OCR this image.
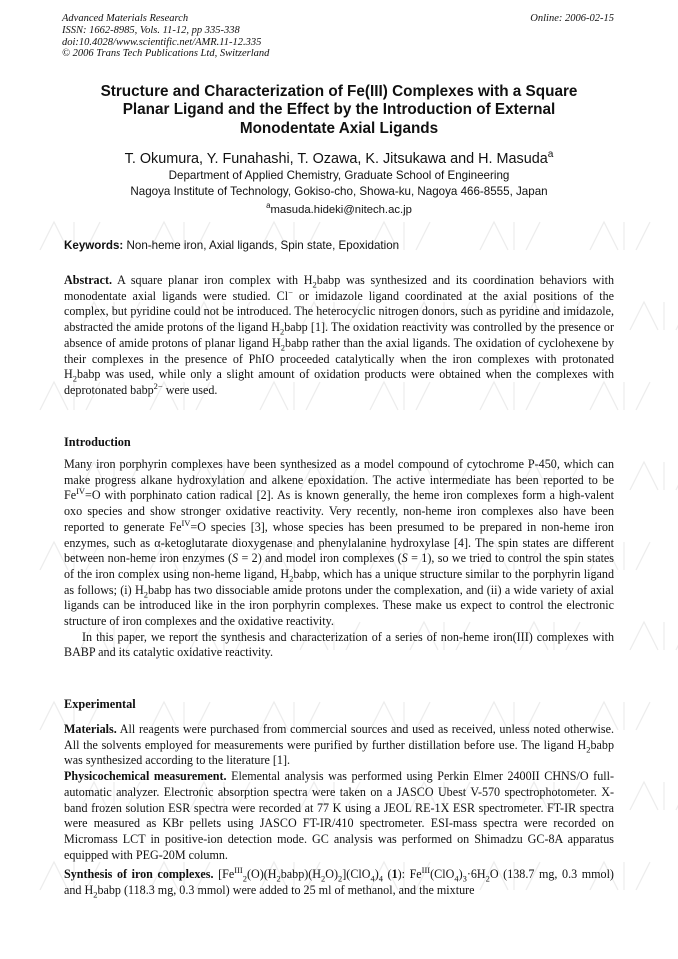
Advanced Materials Research
ISSN: 1662-8985, Vols. 11-12, pp 335-338
doi:10.4028/www.scientific.net/AMR.11-12.335
© 2006 Trans Tech Publications Ltd, Switzerland
Online: 2006-02-15
Structure and Characterization of Fe(III) Complexes with a Square
Planar Ligand and the Effect by the Introduction of External
Monodentate Axial Ligands
T. Okumura, Y. Funahashi, T. Ozawa, K. Jitsukawa and H. Masuda$^a$
Department of Applied Chemistry, Graduate School of Engineering
Nagoya Institute of Technology, Gokiso-cho, Showa-ku, Nagoya 466-8555, Japan
$^a$masuda.hideki@nitech.ac.jp
Keywords: Non-heme iron, Axial ligands, Spin state, Epoxidation
Abstract. A square planar iron complex with $H_2babp$ was synthesized and its coordination behaviors with monodentate axial ligands were studied. Cl− or imidazole ligand coordinated at the axial positions of the complex, but pyridine could not be introduced. The heterocyclic nitrogen donors, such as pyridine and imidazole, abstracted the amide protons of the ligand $H_2babp$ [1]. The oxidation reactivity was controlled by the presence or absence of amide protons of planar ligand $H_2babp$ rather than the axial ligands. The oxidation of cyclohexene by their complexes in the presence of PhIO proceeded catalytically when the iron complexes with protonated $H_2babp$ was used, while only a slight amount of oxidation products were obtained when the complexes with deprotonated babp$^{2-}$ were used.
Introduction

Many iron porphyrin complexes have been synthesized as a model compound of cytochrome P-450, which can make progress alkane hydroxylation and alkene epoxidation. The active intermediate has been reported to be $Fe^{IV}=O$ with porphinato cation radical [2]. As is known generally, the heme iron complexes form a high-valent oxo species and show stronger oxidative reactivity. Very recently, non-heme iron complexes also have been reported to generate $Fe^{IV}=O$ species [3], whose species has been presumed to be prepared in non-heme iron enzymes, such as α-ketoglutarate dioxygenase and phenylalanine hydroxylase [4]. The spin states are different between non-heme iron enzymes (S = 2) and model iron complexes (S = 1), so we tried to control the spin states of the iron complex using non-heme ligand, $H_2babp$, which has a unique structure similar to the porphyrin ligand as follows; (i) $H_2babp$ has two dissociable amide protons under the complexation, and (ii) a wide variety of axial ligands can be introduced like in the iron porphyrin complexes. These make us expect to control the electronic structure of iron complexes and the oxidative reactivity.

In this paper, we report the synthesis and characterization of a series of non-heme iron(III) complexes with BABP and its catalytic oxidative reactivity.

Experimental

Materials. All reagents were purchased from commercial sources and used as received, unless noted otherwise. All the solvents employed for measurements were purified by further distillation before use. The ligand $H_2babp$ was synthesized according to the literature [1].

Physicochemical measurement. Elemental analysis was performed using Perkin Elmer 2400II CHNS/O full-automatic analyzer. Electronic absorption spectra were taken on a JASCO Ubest V-570 spectrophotometer. X-band frozen solution ESR spectra were recorded at 77 K using a JEOL RE-1X ESR spectrometer. FT-IR spectra were measured as KBr pellets using JASCO FT-IR/410 spectrometer. ESI-mass spectra were recorded on Micromass LCT in positive-ion detection mode. GC analysis was performed on Shimadzu GC-8A apparatus equipped with PEG-20M column.

Synthesis of iron complexes. $[Fe^{III}_2(O)(H_2babp)(H_2O)_2](ClO_4)_4$ (1): $Fe^{III}(ClO_4)_3\cdot 6H_2O$ (138.7 mg, 0.3 mmol) and $H_2babp$ (118.3 mg, 0.3 mmol) were added to 25 ml of methanol, and the mixture
